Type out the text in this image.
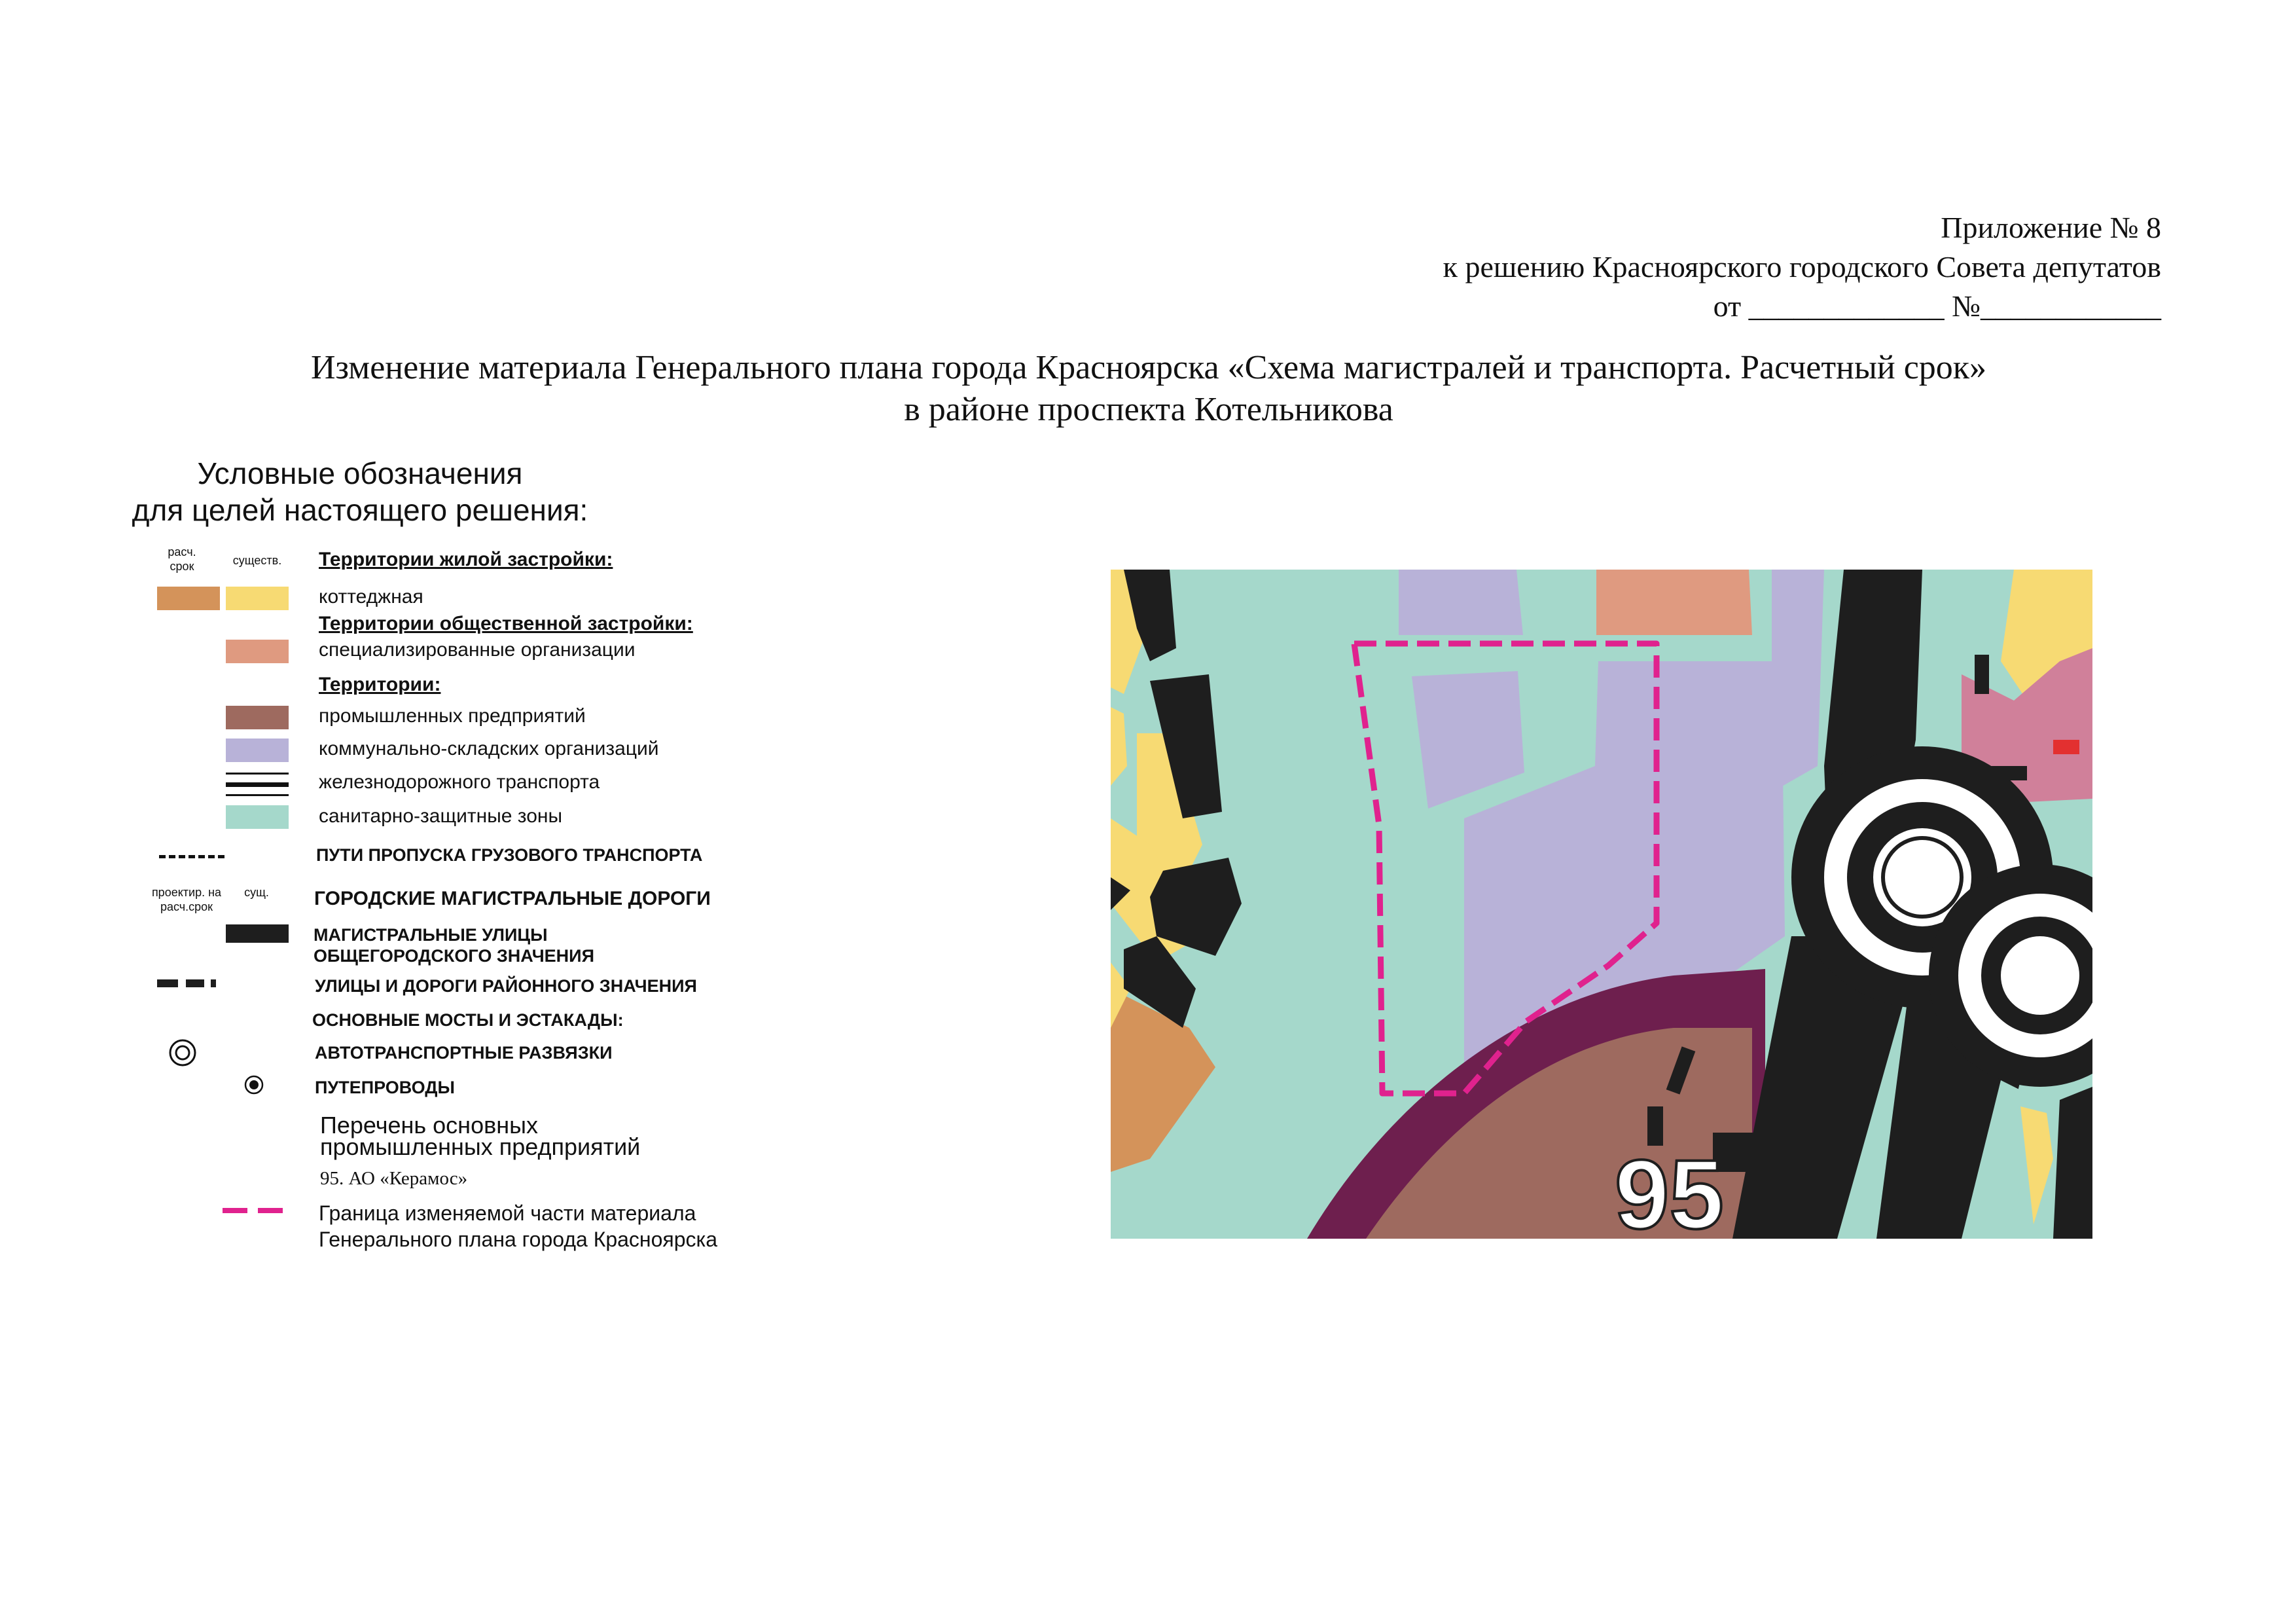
Приложение № 8
к решению Красноярского городского Совета депутатов
от _____________ №____________
Изменение материала Генерального плана города Красноярска «Схема магистралей и транспорта. Расчетный срок»
в районе проспекта Котельникова
Условные обозначения
для целей настоящего решения:
расч. срок	существ.	Территории жилой застройки:
коттеджная
Территории общественной застройки:
специализированные организации
Территории:
промышленных предприятий
коммунально-складских организаций
железнодорожного транспорта
санитарно-защитные зоны
ПУТИ ПРОПУСКА ГРУЗОВОГО ТРАНСПОРТА
проектир. на расч.срок
сущ.	ГОРОДСКИЕ МАГИСТРАЛЬНЫЕ ДОРОГИ
МАГИСТРАЛЬНЫЕ УЛИЦЫ
ОБЩЕГОРОДСКОГО ЗНАЧЕНИЯ
УЛИЦЫ И ДОРОГИ РАЙОННОГО ЗНАЧЕНИЯ
ОСНОВНЫЕ МОСТЫ И ЭСТАКАДЫ:
АВТОТРАНСПОРТНЫЕ РАЗВЯЗКИ
ПУТЕПРОВОДЫ
Перечень основных
промышленных предприятий
95. АО «Керамос»
Граница изменяемой части материала
Генерального плана города Красноярска	95
